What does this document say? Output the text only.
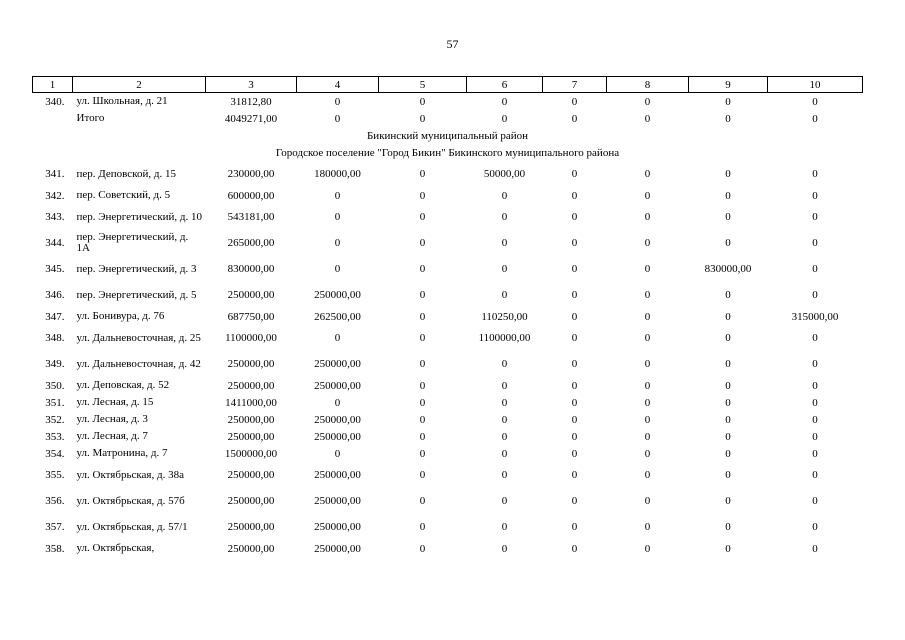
57
1	2	3	4	5	6	7	8	9	10
340.	ул. Школьная, д. 21	31812,80	0	0	0	0	0	0	0
	Итого	4049271,00	0	0	0	0	0	0	0
Бикинский муниципальный район									
Городское поселение "Город Бикин" Бикинского муниципального района									
341.	пер. Деповской, д. 15	230000,00	180000,00	0	50000,00	0	0	0	0
342.	пер. Советский, д. 5	600000,00	0	0	0	0	0	0	0
343.	пер. Энергетический, д. 10	543181,00	0	0	0	0	0	0	0
344.	пер. Энергетический, д. 1А	265000,00	0	0	0	0	0	0	0
345.	пер. Энергетический, д. 3	830000,00	0	0	0	0	0	830000,00	0
346.	пер. Энергетический, д. 5	250000,00	250000,00	0	0	0	0	0	0
347.	ул. Бонивура, д. 76	687750,00	262500,00	0	110250,00	0	0	0	315000,00
348.	ул. Дальневосточная, д. 25	1100000,00	0	0	1100000,00	0	0	0	0
349.	ул. Дальневосточная, д. 42	250000,00	250000,00	0	0	0	0	0	0
350.	ул. Деповская, д. 52	250000,00	250000,00	0	0	0	0	0	0
351.	ул. Лесная, д. 15	1411000,00	0	0	0	0	0	0	0
352.	ул. Лесная, д. 3	250000,00	250000,00	0	0	0	0	0	0
353.	ул. Лесная, д. 7	250000,00	250000,00	0	0	0	0	0	0
354.	ул. Матронина, д. 7	1500000,00	0	0	0	0	0	0	0
355.	ул. Октябрьская, д. 38а	250000,00	250000,00	0	0	0	0	0	0
356.	ул. Октябрьская, д. 57б	250000,00	250000,00	0	0	0	0	0	0
357.	ул. Октябрьская, д. 57/1	250000,00	250000,00	0	0	0	0	0	0
358.	ул. Октябрьская,	250000,00	250000,00	0	0	0	0	0	0
